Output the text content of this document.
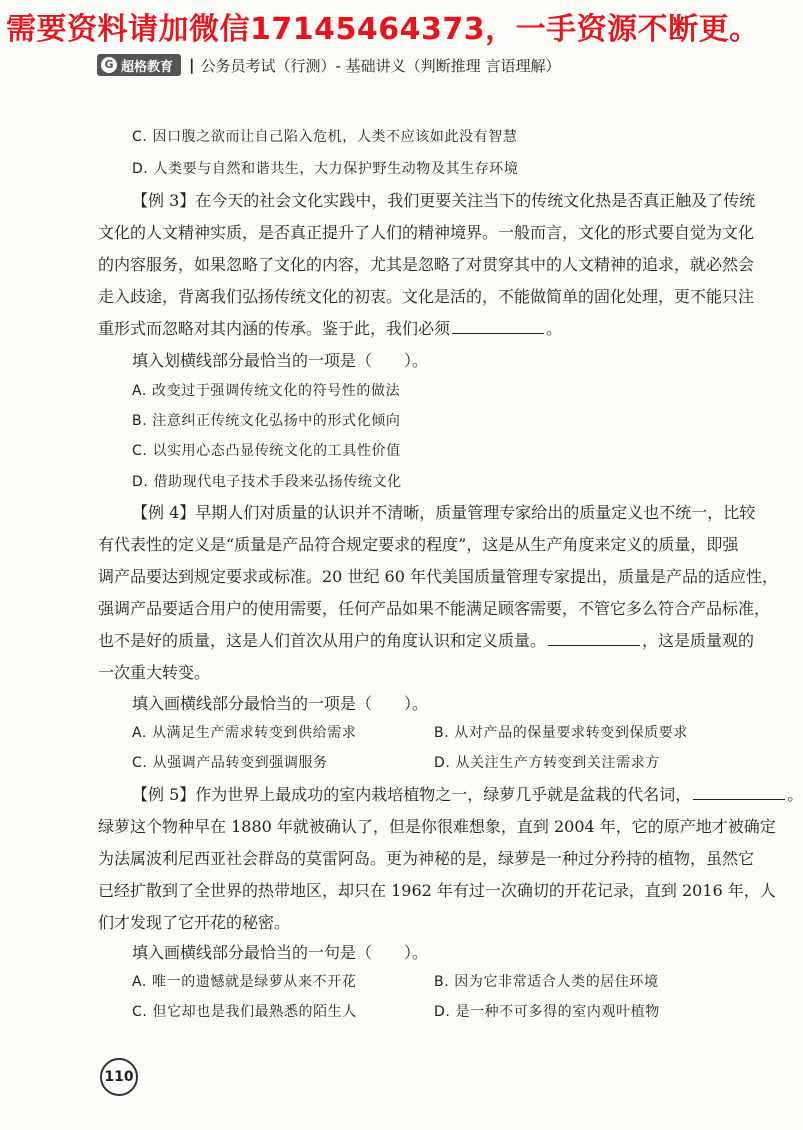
需要资料请加微信17145464373，一手资源不断更。
G 超格教育 | 公务员考试（行测）- 基础讲义（判断推理 言语理解）
C. 因口腹之欲而让自己陷入危机，人类不应该如此没有智慧
D. 人类要与自然和谐共生，大力保护野生动物及其生存环境
【例 3】在今天的社会文化实践中，我们更要关注当下的传统文化热是否真正触及了传统
文化的人文精神实质，是否真正提升了人们的精神境界。一般而言，文化的形式要自觉为文化
的内容服务，如果忽略了文化的内容，尤其是忽略了对贯穿其中的人文精神的追求，就必然会
走入歧途，背离我们弘扬传统文化的初衷。文化是活的，不能做简单的固化处理，更不能只注
重形式而忽略对其内涵的传承。鉴于此，我们必须	。
填入划横线部分最恰当的一项是（　　）。
A. 改变过于强调传统文化的符号性的做法
B. 注意纠正传统文化弘扬中的形式化倾向
C. 以实用心态凸显传统文化的工具性价值
D. 借助现代电子技术手段来弘扬传统文化
【例 4】早期人们对质量的认识并不清晰，质量管理专家给出的质量定义也不统一，比较
有代表性的定义是“质量是产品符合规定要求的程度”，这是从生产角度来定义的质量，即强
调产品要达到规定要求或标准。20 世纪 60 年代美国质量管理专家提出，质量是产品的适应性，
强调产品要适合用户的使用需要，任何产品如果不能满足顾客需要，不管它多么符合产品标准，
也不是好的质量，这是人们首次从用户的角度认识和定义质量。	，这是质量观的
一次重大转变。
填入画横线部分最恰当的一项是（　　）。
A. 从满足生产需求转变到供给需求	B. 从对产品的保量要求转变到保质要求
C. 从强调产品转变到强调服务	D. 从关注生产方转变到关注需求方
【例 5】作为世界上最成功的室内栽培植物之一，绿萝几乎就是盆栽的代名词，	。
绿萝这个物种早在 1880 年就被确认了，但是你很难想象，直到 2004 年，它的原产地才被确定
为法属波利尼西亚社会群岛的莫雷阿岛。更为神秘的是，绿萝是一种过分矜持的植物，虽然它
已经扩散到了全世界的热带地区，却只在 1962 年有过一次确切的开花记录，直到 2016 年，人
们才发现了它开花的秘密。
填入画横线部分最恰当的一句是（　　）。
A. 唯一的遗憾就是绿萝从来不开花	B. 因为它非常适合人类的居住环境
C. 但它却也是我们最熟悉的陌生人	D. 是一种不可多得的室内观叶植物
110
